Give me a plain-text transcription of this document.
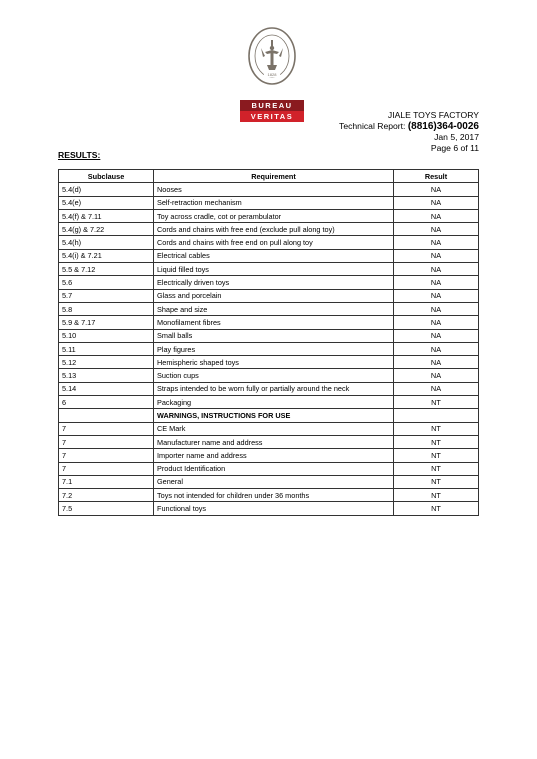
1828
BUREAU
VERITAS	JIALE TOYS FACTORY
Technical Report: (8816)364-0026
Jan 5, 2017
Page 6 of 11
RESULTS:
Subclause	Requirement	Result
5.4(d)	Nooses	NA
5.4(e)	Self-retraction mechanism	NA
5.4(f) & 7.11	Toy across cradle, cot or perambulator	NA
5.4(g) & 7.22	Cords and chains with free end (exclude pull along toy)	NA
5.4(h)	Cords and chains with free end on pull along toy	NA
5.4(i) & 7.21	Electrical cables	NA
5.5 & 7.12	Liquid filled toys	NA
5.6	Electrically driven toys	NA
5.7	Glass and porcelain	NA
5.8	Shape and size	NA
5.9 & 7.17	Monofilament fibres	NA
5.10	Small balls	NA
5.11	Play figures	NA
5.12	Hemispheric shaped toys	NA
5.13	Suction cups	NA
5.14	Straps intended to be worn fully or partially around the neck	NA
6	Packaging	NT
	WARNINGS, INSTRUCTIONS FOR USE	
7	CE Mark	NT
7	Manufacturer name and address	NT
7	Importer name and address	NT
7	Product Identification	NT
7.1	General	NT
7.2	Toys not intended for children under 36 months	NT
7.5	Functional toys	NT
